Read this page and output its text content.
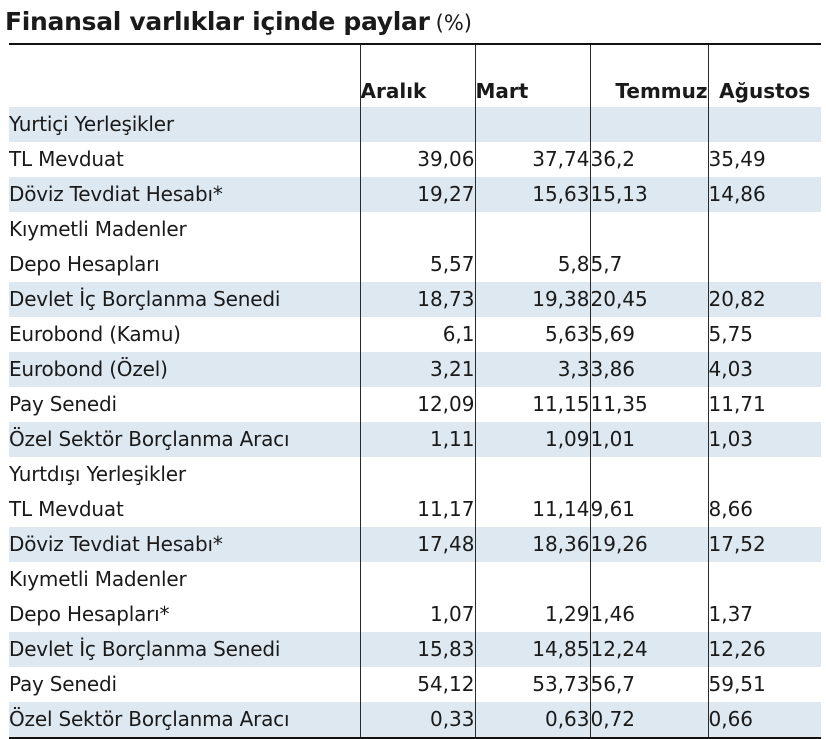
Finansal varlıklar içinde paylar (%)
	Aralık	Mart	Temmuz	Ağustos
Yurtiçi Yerleşikler				
TL Mevduat	39,06	37,74	36,2	35,49
Döviz Tevdiat Hesabı*	19,27	15,63	15,13	14,86
Kıymetli Madenler				
Depo Hesapları	5,57	5,8	5,7	
Devlet İç Borçlanma Senedi	18,73	19,38	20,45	20,82
Eurobond (Kamu)	6,1	5,63	5,69	5,75
Eurobond (Özel)	3,21	3,3	3,86	4,03
Pay Senedi	12,09	11,15	11,35	11,71
Özel Sektör Borçlanma Aracı	1,11	1,09	1,01	1,03
Yurtdışı Yerleşikler				
TL Mevduat	11,17	11,14	9,61	8,66
Döviz Tevdiat Hesabı*	17,48	18,36	19,26	17,52
Kıymetli Madenler				
Depo Hesapları*	1,07	1,29	1,46	1,37
Devlet İç Borçlanma Senedi	15,83	14,85	12,24	12,26
Pay Senedi	54,12	53,73	56,7	59,51
Özel Sektör Borçlanma Aracı	0,33	0,63	0,72	0,66
